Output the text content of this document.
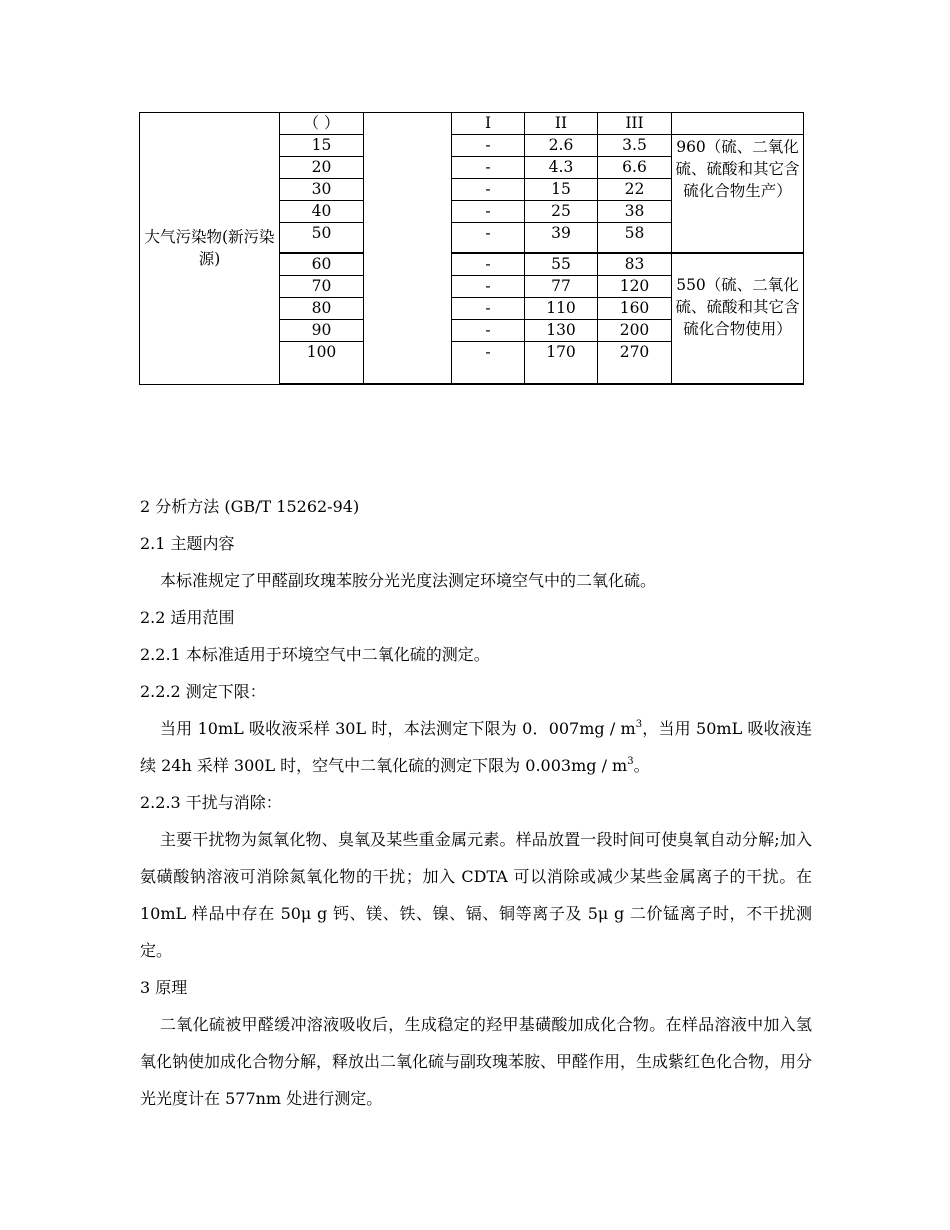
大气污染物(新污染源)	（ ）		I	II	III	
	15		-	2.6	3.5	960（硫、二氧化硫、硫酸和其它含硫化合物生产）
	20		-	4.3	6.6	
	30		-	15	22	
	40		-	25	38	
	50		-	39	58	
	60		-	55	83	550（硫、二氧化硫、硫酸和其它含硫化合物使用）
	70		-	77	120	
	80		-	110	160	
	90		-	130	200	
	100		-	170	270	

2 分析方法 (GB/T 15262-94)

2.1 主题内容

本标准规定了甲醛副玫瑰苯胺分光光度法测定环境空气中的二氧化硫。

2.2 适用范围

2.2.1 本标准适用于环境空气中二氧化硫的测定。

2.2.2 测定下限：

当用 10mL 吸收液采样 30L 时，本法测定下限为 0．$007mg / m^3$，当用 50mL 吸收液连续 24h 采样 300L 时，空气中二氧化硫的测定下限为 $0.003mg / m^3$。

2.2.3 干扰与消除：

主要干扰物为氮氧化物、臭氧及某些重金属元素。样品放置一段时间可使臭氧自动分解;加入氨磺酸钠溶液可消除氮氧化物的干扰；加入 CDTA 可以消除或减少某些金属离子的干扰。在 10mL 样品中存在 50μ g 钙、镁、铁、镍、镉、铜等离子及 5μ g 二价锰离子时，不干扰测定。

3 原理

二氧化硫被甲醛缓冲溶液吸收后，生成稳定的羟甲基磺酸加成化合物。在样品溶液中加入氢氧化钠使加成化合物分解，释放出二氧化硫与副玫瑰苯胺、甲醛作用，生成紫红色化合物，用分光光度计在 577nm 处进行测定。
